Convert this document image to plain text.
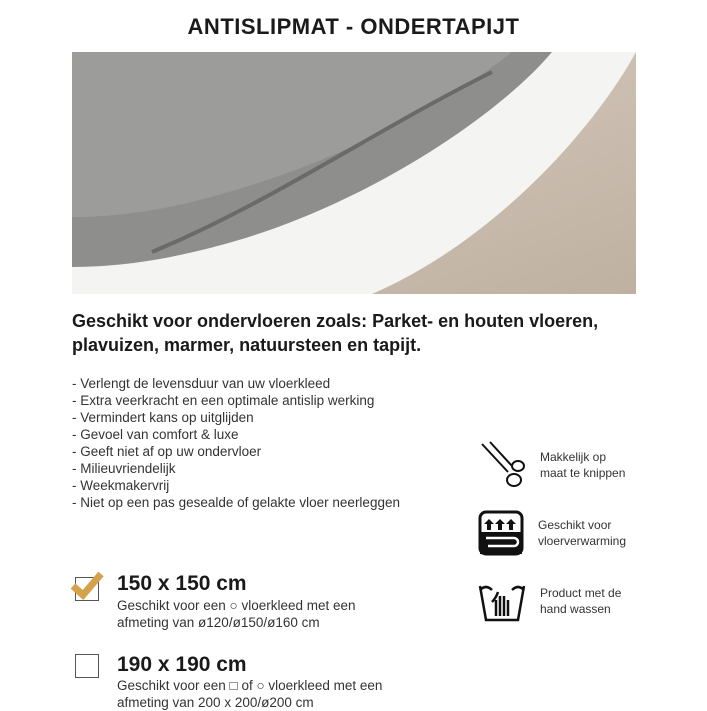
ANTISLIPMAT - ONDERTAPIJT
Geschikt voor ondervloeren zoals: Parket- en houten vloeren, plavuizen, marmer, natuursteen en tapijt.
- Verlengt de levensduur van uw vloerkleed
- Extra veerkracht en een optimale antislip werking
- Vermindert kans op uitglijden
- Gevoel van comfort & luxe
- Geeft niet af op uw ondervloer
- Milieuvriendelijk
- Weekmakervrij
- Niet op een pas gesealde of gelakte vloer neerleggen
Makkelijk op
maat te knippen
Geschikt voor
vloerverwarming
Product met de
hand wassen
150 x 150 cm
Geschikt voor een ○ vloerkleed met een
afmeting van ø120/ø150/ø160 cm
190 x 190 cm
Geschikt voor een □ of ○ vloerkleed met een
afmeting van 200 x 200/ø200 cm
